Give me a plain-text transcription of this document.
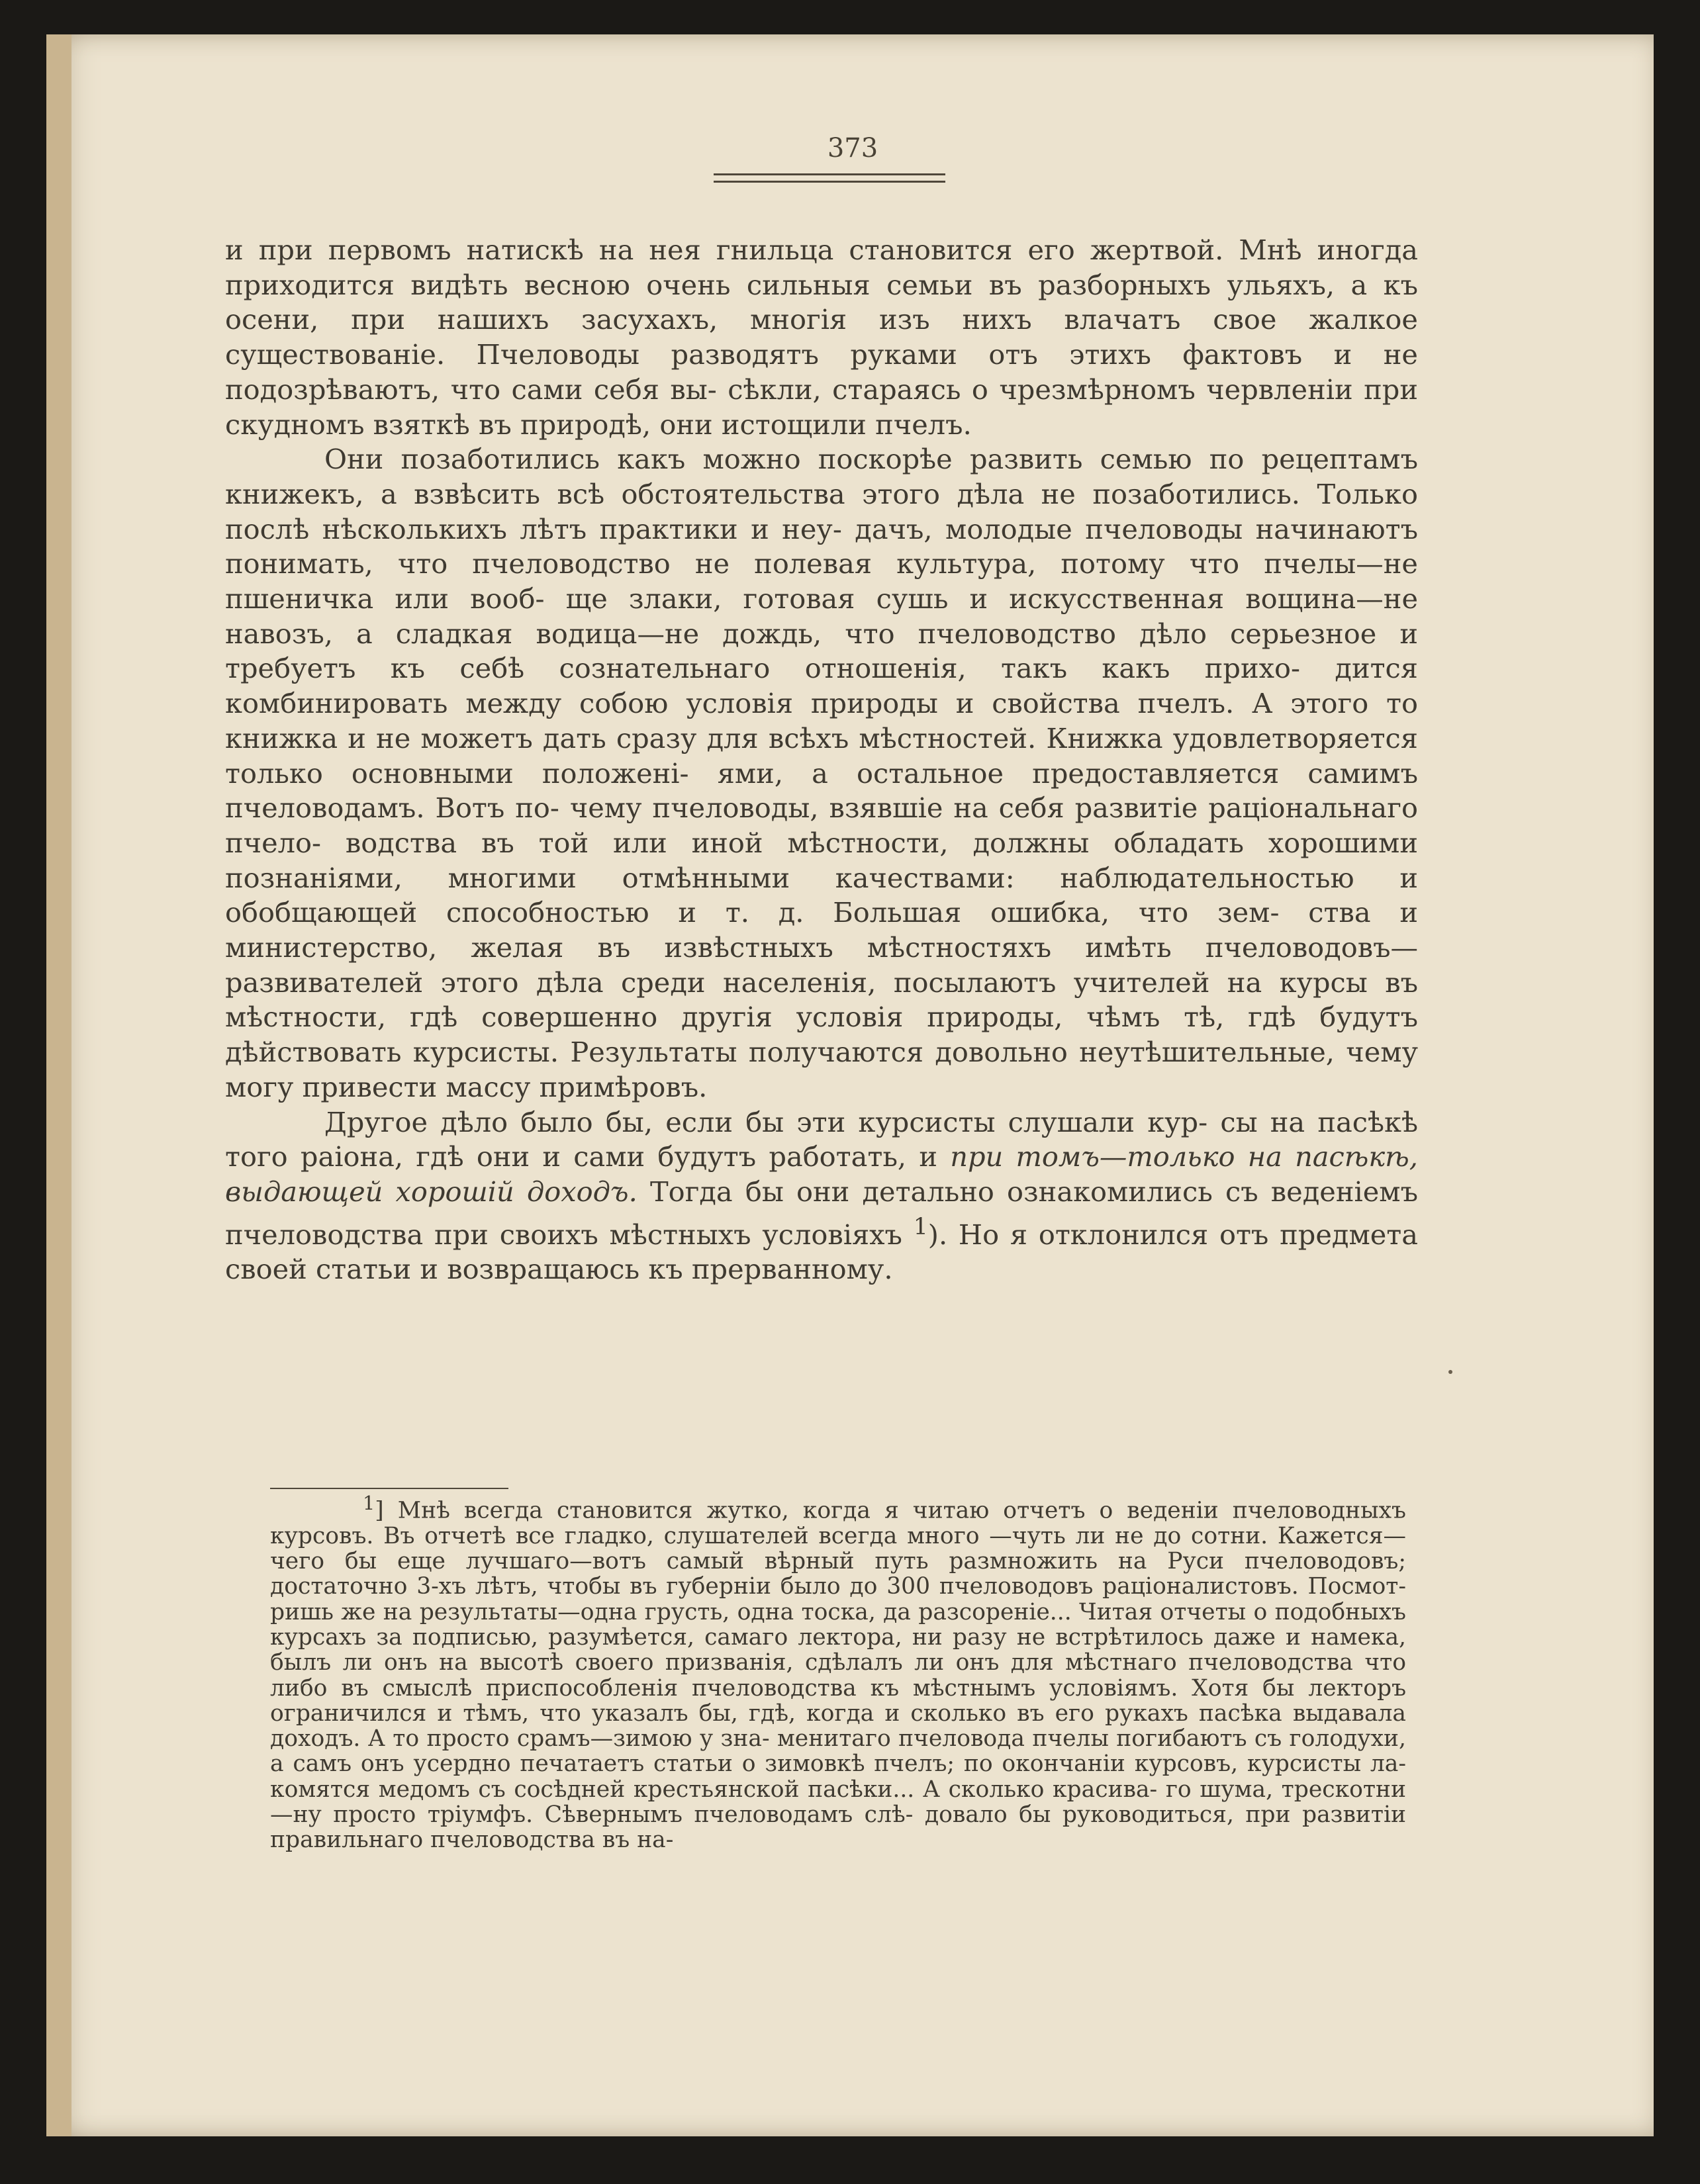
373

и при первомъ натискѣ на нея гнильца становится его жертвой. Мнѣ иногда приходится видѣть весною очень сильныя семьи въ разборныхъ ульяхъ, а къ осени, при нашихъ засухахъ, многія изъ нихъ влачатъ свое жалкое существованіе. Пчеловоды разводятъ руками отъ этихъ фактовъ и не подозрѣваютъ, что сами себя вы- сѣкли, стараясь о чрезмѣрномъ червленіи при скудномъ взяткѣ въ природѣ, они истощили пчелъ.

Они позаботились какъ можно поскорѣе развить семью по рецептамъ книжекъ, а взвѣсить всѣ обстоятельства этого дѣла не позаботились. Только послѣ нѣсколькихъ лѣтъ практики и неу- дачъ, молодые пчеловоды начинаютъ понимать, что пчеловодство не полевая культура, потому что пчелы—не пшеничка или вооб- ще злаки, готовая сушь и искусственная вощина—не навозъ, а сладкая водица—не дождь, что пчеловодство дѣло серьезное и требуетъ къ себѣ сознательнаго отношенія, такъ какъ прихо- дится комбинировать между собою условія природы и свойства пчелъ. А этого то книжка и не можетъ дать сразу для всѣхъ мѣстностей. Книжка удовлетворяется только основными положені- ями, а остальное предоставляется самимъ пчеловодамъ. Вотъ по- чему пчеловоды, взявшіе на себя развитіе раціональнаго пчело- водства въ той или иной мѣстности, должны обладать хорошими познаніями, многими отмѣнными качествами: наблюдательностью и обобщающей способностью и т. д. Большая ошибка, что зем- ства и министерство, желая въ извѣстныхъ мѣстностяхъ имѣть пчеловодовъ—развивателей этого дѣла среди населенія, посылаютъ учителей на курсы въ мѣстности, гдѣ совершенно другія условія природы, чѣмъ тѣ, гдѣ будутъ дѣйствовать курсисты. Результаты получаются довольно неутѣшительные, чему могу привести массу примѣровъ.

Другое дѣло было бы, если бы эти курсисты слушали кур- сы на пасѣкѣ того раіона, гдѣ они и сами будутъ работать, и при томъ—только на пасѣкѣ, выдающей хорошій доходъ. Тогда бы они детально ознакомились съ веденіемъ пчеловодства при своихъ мѣстныхъ условіяхъ $^1$). Но я отклонился отъ предмета своей статьи и возвращаюсь къ прерванному.

$^1$] Мнѣ всегда становится жутко, когда я читаю отчетъ о веденіи пчеловодныхъ курсовъ. Въ отчетѣ все гладко, слушателей всегда много —чуть ли не до сотни. Кажется—чего бы еще лучшаго—вотъ самый вѣрный путь размножить на Руси пчеловодовъ; достаточно 3-хъ лѣтъ, чтобы въ губерніи было до 300 пчеловодовъ раціоналистовъ. Посмот- ришь же на результаты—одна грусть, одна тоска, да разсореніе... Читая отчеты о подобныхъ курсахъ за подписью, разумѣется, самаго лектора, ни разу не встрѣтилось даже и намека, былъ ли онъ на высотѣ своего призванія, сдѣлалъ ли онъ для мѣстнаго пчеловодства что либо въ смыслѣ приспособленія пчеловодства къ мѣстнымъ условіямъ. Хотя бы лекторъ ограничился и тѣмъ, что указалъ бы, гдѣ, когда и сколько въ его рукахъ пасѣка выдавала доходъ. А то просто срамъ—зимою у зна- менитаго пчеловода пчелы погибаютъ съ голодухи, а самъ онъ усердно печатаетъ статьи о зимовкѣ пчелъ; по окончаніи курсовъ, курсисты ла- комятся медомъ съ сосѣдней крестьянской пасѣки... А сколько красива- го шума, трескотни—ну просто тріумфъ. Сѣвернымъ пчеловодамъ слѣ- довало бы руководиться, при развитіи правильнаго пчеловодства въ на-
